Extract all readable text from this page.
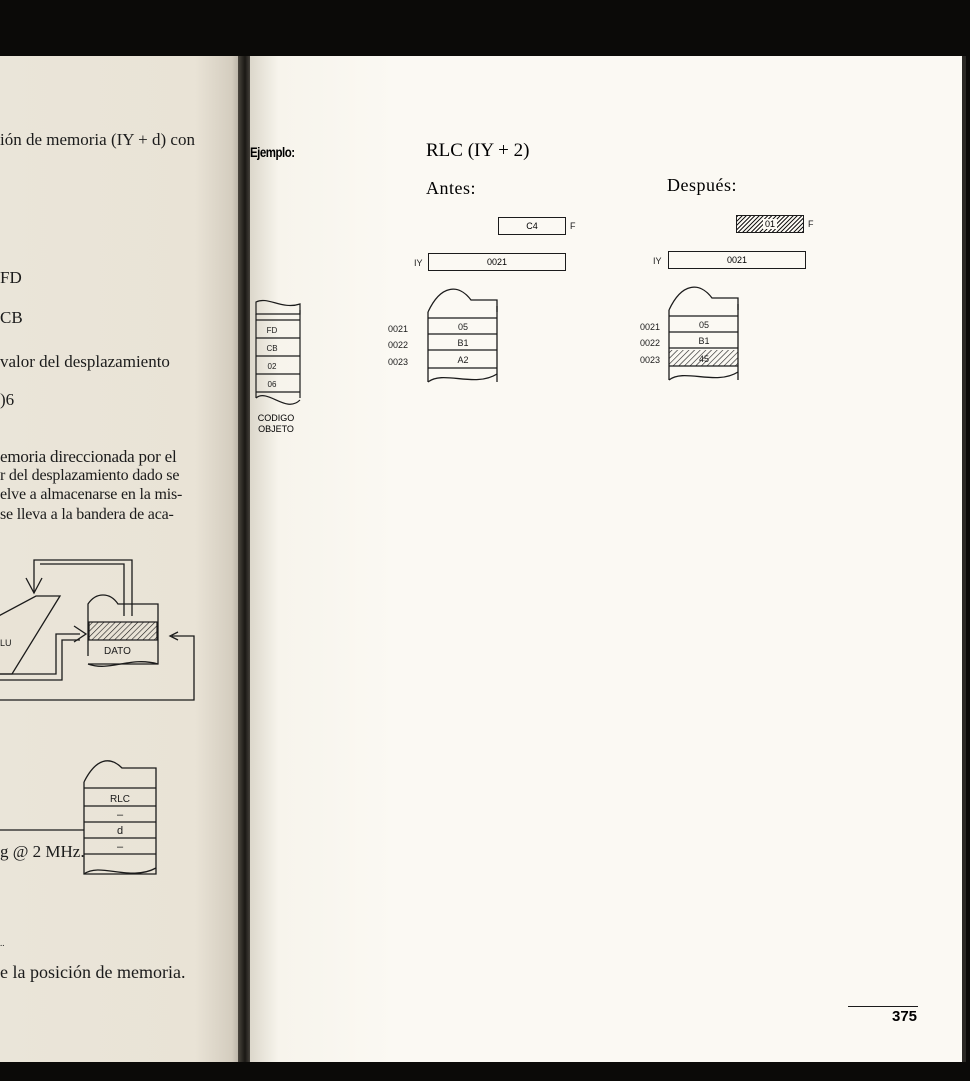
ión de memoria (IY + d) con
FD
CB
valor del desplazamiento
)6
emoria direccionada por el
r del desplazamiento dado se
elve a almacenarse en la mis-
se lleva a la bandera de aca-
LU
DATO
RLC
–
d
–
g @ 2 MHz.
..
e la posición de memoria.
Ejemplo:	RLC (IY + 2)
Antes:	Después:
C4	F
IY	0021
05
B1
A2
0021
0022
0023
01	F
IY	0021
05
B1
45
0021
0022
0023
FD
CB
02
06
CODIGO
OBJETO
375
